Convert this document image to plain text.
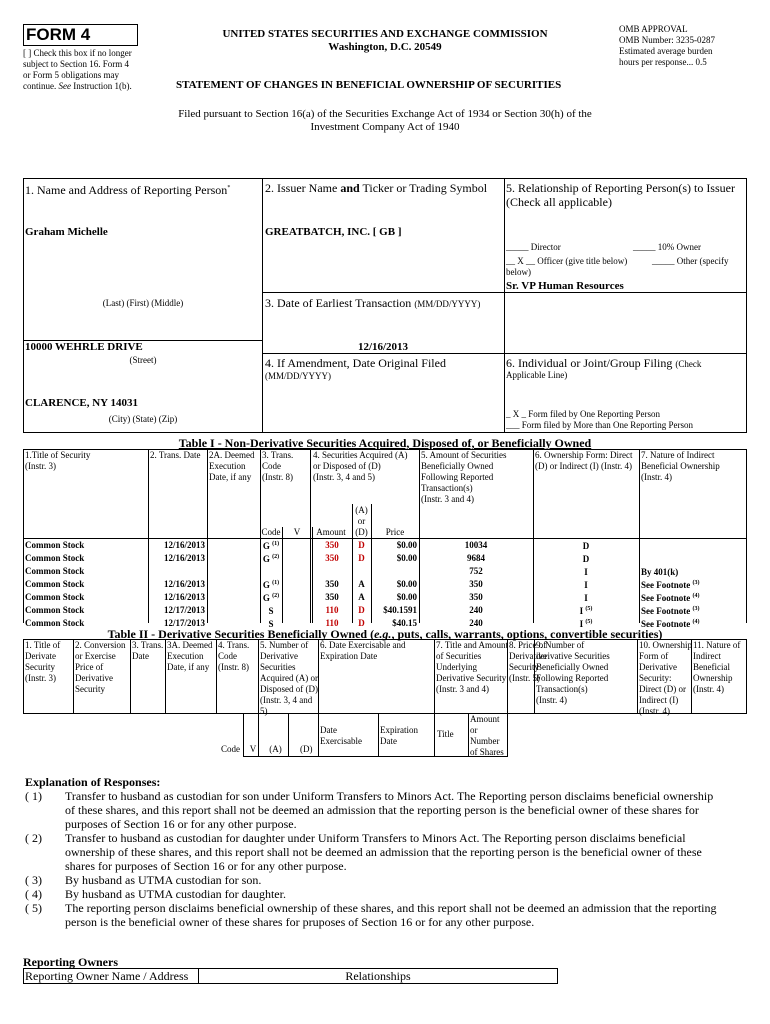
FORM 4
[ ] Check this box if no longer
subject to Section 16. Form 4
or Form 5 obligations may
continue. See Instruction 1(b).
UNITED STATES SECURITIES AND EXCHANGE COMMISSION
Washington, D.C. 20549
OMB APPROVAL
OMB Number: 3235-0287
Estimated average burden
hours per response... 0.5
STATEMENT OF CHANGES IN BENEFICIAL OWNERSHIP OF SECURITIES
Filed pursuant to Section 16(a) of the Securities Exchange Act of 1934 or Section 30(h) of the
Investment Company Act of 1940
1. Name and Address of Reporting Person*
Graham Michelle
(Last) (First) (Middle)
10000 WEHRLE DRIVE
(Street)
CLARENCE, NY 14031
(City) (State) (Zip)
2. Issuer Name and Ticker or Trading Symbol
GREATBATCH, INC. [ GB ]
3. Date of Earliest Transaction (MM/DD/YYYY)
12/16/2013
4. If Amendment, Date Original Filed
(MM/DD/YYYY)
5. Relationship of Reporting Person(s) to Issuer
(Check all applicable)
_____ Director	_____ 10% Owner
__ X __ Officer (give title below)	_____ Other (specify
below)
Sr. VP Human Resources
6. Individual or Joint/Group Filing (Check
Applicable Line)
_ X _ Form filed by One Reporting Person
___ Form filed by More than One Reporting Person
Table I - Non-Derivative Securities Acquired, Disposed of, or Beneficially Owned
1.Title of Security
(Instr. 3)
2. Trans. Date 2A. Deemed
Execution
Date, if any
3. Trans.
Code
(Instr. 8)
4. Securities Acquired (A)
or Disposed of (D)
(Instr. 3, 4 and 5)
5. Amount of Securities
Beneficially Owned
Following Reported
Transaction(s)
(Instr. 3 and 4)
6. Ownership Form: Direct
(D) or Indirect (I) (Instr. 4)
7. Nature of Indirect
Beneficial Ownership
(Instr. 4)
Code	V	Amount
(A)
or
(D)	Price
Common Stock	12/16/2013		G $^{(1)}$		350	D	$0.00	10034	D	
Common Stock	12/16/2013		G $^{(2)}$		350	D	$0.00	9684	D	
Common Stock								752	I	By 401(k)
Common Stock	12/16/2013		G $^{(1)}$		350	A	$0.00	350	I	See Footnote $^{(3)}$
Common Stock	12/16/2013		G $^{(2)}$		350	A	$0.00	350	I	See Footnote $^{(4)}$
Common Stock	12/17/2013		S		110	D	$40.1591	240	I $^{(5)}$	See Footnote $^{(3)}$
Common Stock	12/17/2013		S		110	D	$40.15	240	I $^{(5)}$	See Footnote $^{(4)}$
Table II - Derivative Securities Beneficially Owned (e.g., puts, calls, warrants, options, convertible securities)
1. Title of
Derivate
Security
(Instr. 3)
2. Conversion
or Exercise
Price of
Derivative
Security
3. Trans.
Date
3A. Deemed
Execution
Date, if any
4. Trans.
Code
(Instr. 8)
5. Number of
Derivative
Securities
Acquired (A) or
Disposed of (D)
(Instr. 3, 4 and
5)
6. Date Exercisable and
Expiration Date
7. Title and Amount
of Securities
Underlying
Derivative Security
(Instr. 3 and 4)
8. Price of
Derivative
Security
(Instr. 5)
9. Number of
derivative Securities
Beneficially Owned
Following Reported
Transaction(s)
(Instr. 4)
10. Ownership
Form of
Derivative
Security:
Direct (D) or
Indirect (I)
(Instr. 4)
11. Nature of
Indirect
Beneficial
Ownership
(Instr. 4)
Code	V	(A)	(D)
Date
Exercisable
Expiration
Date
Title
Amount
or
Number
of Shares
Explanation of Responses:
( 1)	Transfer to husband as custodian for son under Uniform Transfers to Minors Act. The Reporting person disclaims beneficial ownership
of these shares, and this report shall not be deemed an admission that the reporting person is the beneficial owner of these shares for
purposes of Section 16 or for any other purpose.
( 2)	Transfer to husband as custodian for daughter under Uniform Transfers to Minors Act. The Reporting person disclaims beneficial
ownership of these shares, and this report shall not be deemed an admission that the reporting person is the beneficial owner of these
shares for purposes of Section 16 or for any other purpose.
( 3)	By husband as UTMA custodian for son.
( 4)	By husband as UTMA custodian for daughter.
( 5)	The reporting person disclaims beneficial ownership of these shares, and this report shall not be deemed an admission that the reporting
person is the beneficial owner of these shares for pruposes of Section 16 or for any other purpose.
Reporting Owners
Reporting Owner Name / Address	Relationships
